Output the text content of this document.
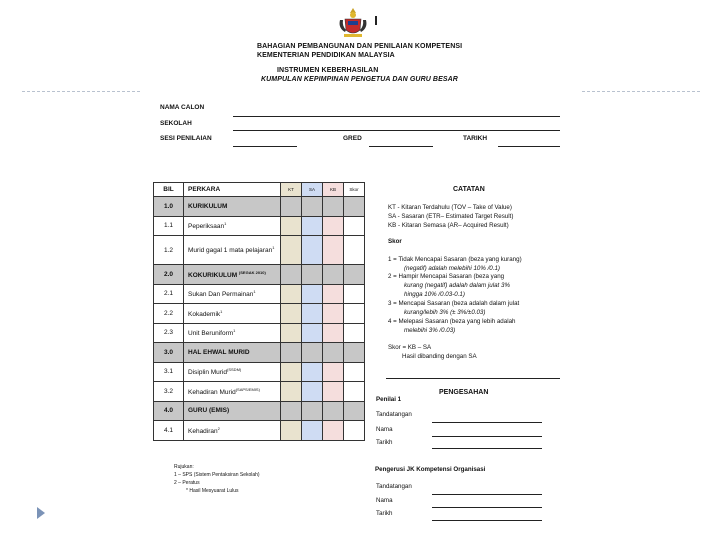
BAHAGIAN PEMBANGUNAN DAN PENILAIAN KOMPETENSI
KEMENTERIAN PENDIDIKAN MALAYSIA
INSTRUMEN KEBERHASILAN
KUMPULAN KEPIMPINAN PENGETUA DAN GURU BESAR
NAMA CALON
SEKOLAH
SESI PENILAIAN	GRED	TARIKH
BIL	PERKARA	KT	SA	KB	Skor
1.0	KURIKULUM				
1.1	Peperiksaan$^1$				
1.2	Murid gagal 1 mata pelajaran$^1$				
2.0	KOKURIKULUM $^{(SEGAK 2010)}$				
2.1	Sukan Dan Permainan$^1$				
2.2	Kokademik$^1$				
2.3	Unit Beruniform$^1$				
3.0	HAL EHWAL MURID				
3.1	Disiplin Murid$^{(SSDM)}$				
3.2	Kehadiran Murid$^{(SAPS/EMIS)}$				
4.0	GURU (EMIS)				
4.1	Kehadiran$^2$				
Rujukan:
1 – SPS (Sistem Pentaksiran Sekolah)
2 – Peratus
* Hasil Mesyuarat Lulus
CATATAN
KT - Kitaran Terdahulu (TOV – Take of Value)
SA - Sasaran (ETR– Estimated Target Result)
KB - Kitaran Semasa (AR– Acquired Result)
Skor
1 = Tidak Mencapai Sasaran (beza yang kurang)
(negatif) adalah melebihi 10% /0.1)
2 = Hampir Mencapai Sasaran (beza yang
kurang (negatif) adalah dalam julat 3%
hingga 10% /0.03-0.1)
3 = Mencapai Sasaran (beza adalah dalam julat
kurang/lebih 3% (± 3%/±0.03)
4 = Melepasi Sasaran (beza yang lebih adalah
melebihi 3% /0.03)
Skor = KB – SA
Hasil dibanding dengan SA
PENGESAHAN
Penilai 1
Tandatangan
Nama
Tarikh
Pengerusi JK Kompetensi Organisasi
Tandatangan
Nama
Tarikh
